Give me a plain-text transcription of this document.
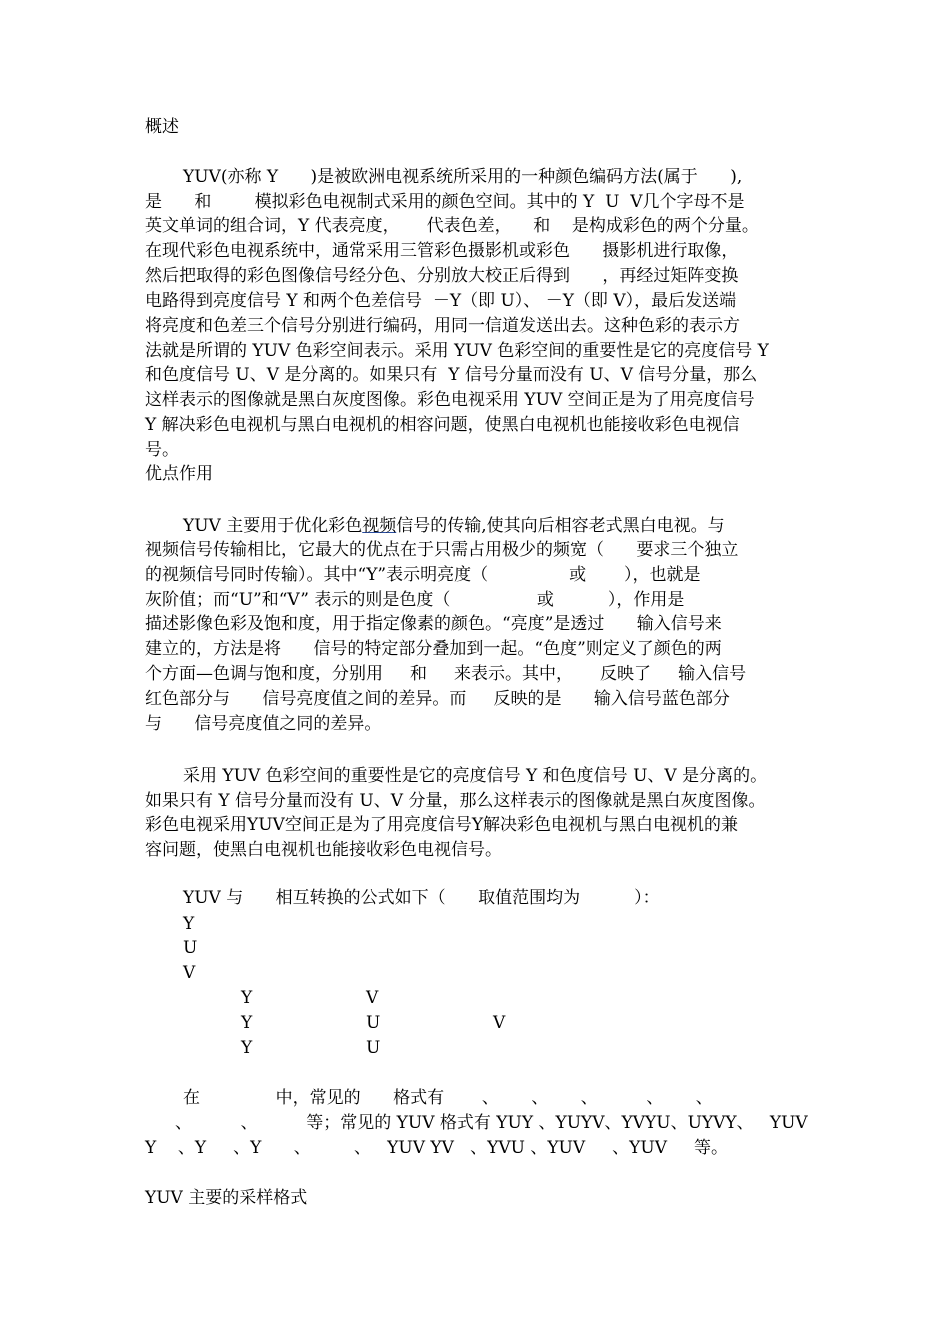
概述

YUV(亦称 Y      )是被欧洲电视系统所采用的一种颜色编码方法(属于      ),

是      和        模拟彩色电视制式采用的颜色空间。其中的 Y  U  V几个字母不是

英文单词的组合词，Y 代表亮度，     代表色差，    和    是构成彩色的两个分量。

在现代彩色电视系统中，通常采用三管彩色摄影机或彩色      摄影机进行取像，

然后把取得的彩色图像信号经分色、分别放大校正后得到      ，再经过矩阵变换

电路得到亮度信号 Y 和两个色差信号  －Y（即 U）、 －Y（即 V），最后发送端

将亮度和色差三个信号分别进行编码，用同一信道发送出去。这种色彩的表示方

法就是所谓的 YUV 色彩空间表示。采用 YUV 色彩空间的重要性是它的亮度信号 Y

和色度信号 U、V 是分离的。如果只有  Y 信号分量而没有 U、V 信号分量，那么

这样表示的图像就是黑白灰度图像。彩色电视采用 YUV 空间正是为了用亮度信号

Y 解决彩色电视机与黑白电视机的相容问题，使黑白电视机也能接收彩色电视信

号。

优点作用

YUV 主要用于优化彩色视频信号的传输,使其向后相容老式黑白电视。与

视频信号传输相比，它最大的优点在于只需占用极少的频宽（      要求三个独立

的视频信号同时传输）。其中“Y”表示明亮度（               或       ），也就是

灰阶值；而“U”和“V” 表示的则是色度（                或          ），作用是

描述影像色彩及饱和度，用于指定像素的颜色。“亮度”是透过      输入信号来

建立的，方法是将      信号的特定部分叠加到一起。“色度”则定义了颜色的两

个方面—色调与饱和度，分别用     和     来表示。其中，     反映了     输入信号

红色部分与      信号亮度值之间的差异。而     反映的是      输入信号蓝色部分

与      信号亮度值之同的差异。

采用 YUV 色彩空间的重要性是它的亮度信号 Y 和色度信号 U、V 是分离的。

如果只有 Y 信号分量而没有 U、V 分量，那么这样表示的图像就是黑白灰度图像。

彩色电视采用YUV空间正是为了用亮度信号Y解决彩色电视机与黑白电视机的兼

容问题，使黑白电视机也能接收彩色电视信号。

YUV 与      相互转换的公式如下（      取值范围均为          ）：

Y
U
V
Y	V
Y	U	V
Y	U

在              中，常见的      格式有       、      、      、         、      、

、         、         等；常见的 YUV 格式有 YUY 、YUYV、YVYU、UYVY、   YUV

Y    、Y     、Y      、        、   YUV YV   、YVU 、YUV     、YUV     等。

YUV 主要的采样格式
